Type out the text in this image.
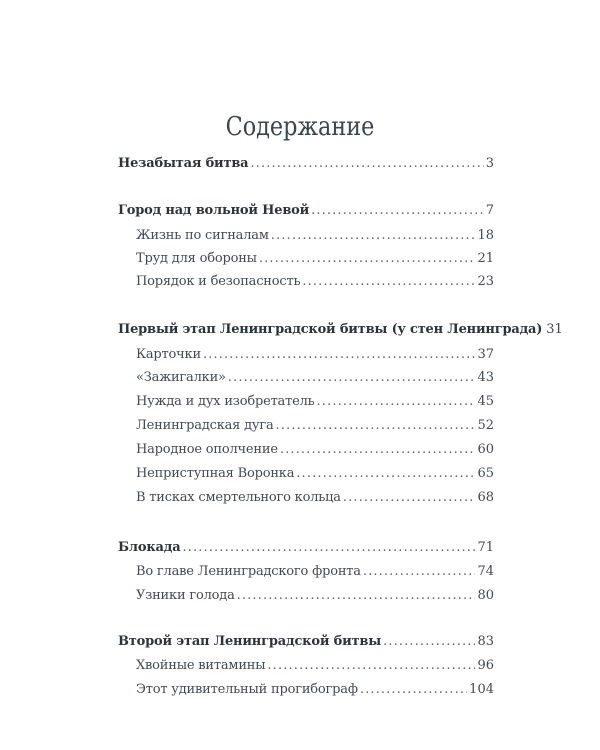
Содержание
Незабытая битва . . .	3
Город над вольной Невой . . .	7
Жизнь по сигналам . . .	18
Труд для обороны . . .	21
Порядок и безопасность . . .	23
Первый этап Ленинградской битвы (у стен Ленинграда) 31
Карточки . . .	37
«Зажигалки» . . .	43
Нужда и дух изобретатель . . .	45
Ленинградская дуга . . .	52
Народное ополчение . . .	60
Неприступная Воронка . . .	65
В тисках смертельного кольца . . .	68
Блокада . . .	71
Во главе Ленинградского фронта . . .	74
Узники голода . . .	80
Второй этап Ленинградской битвы . . .	83
Хвойные витамины . . .	96
Этот удивительный прогибограф . . .	104
